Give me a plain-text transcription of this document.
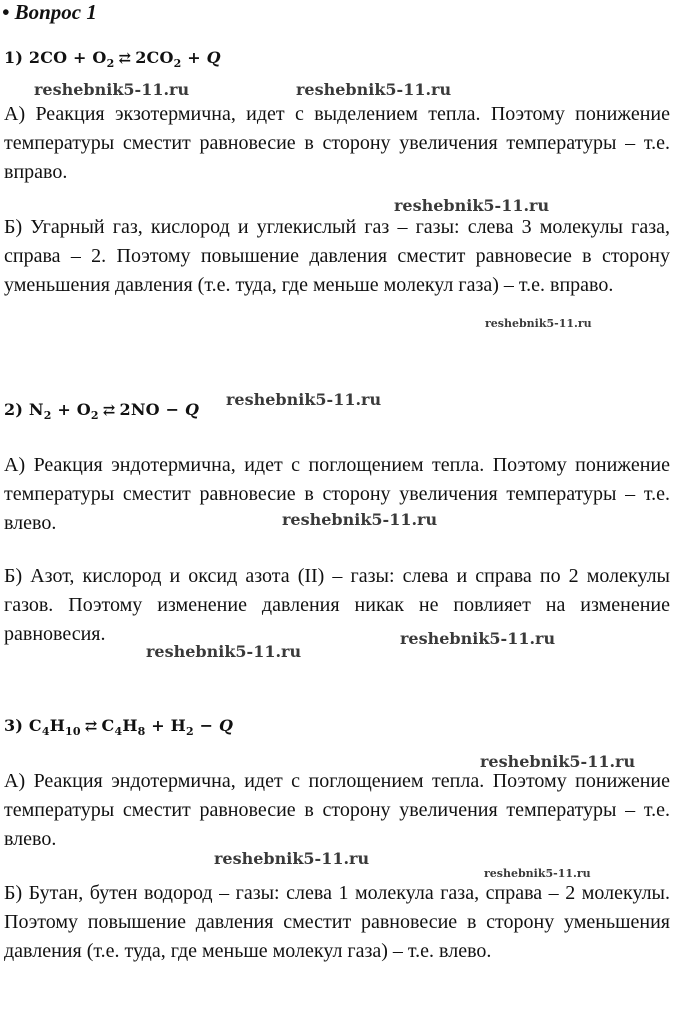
• Вопрос 1
1) $2CO + O_2$ ⇄ $2CO_2 + Q$
reshebnik5-11.ru	reshebnik5-11.ru
А) Реакция экзотермична, идет с выделением тепла. Поэтому понижение температуры сместит равновесие в сторону увеличения температуры – т.е. вправо.
reshebnik5-11.ru
Б) Угарный газ, кислород и углекислый газ – газы: слева 3 молекулы газа, справа – 2. Поэтому повышение давления сместит равновесие в сторону уменьшения давления (т.е. туда, где меньше молекул газа) – т.е. вправо.
reshebnik5-11.ru
2) $N_2 + O_2$ ⇄ 2NO − Q
reshebnik5-11.ru
А) Реакция эндотермична, идет с поглощением тепла. Поэтому понижение температуры сместит равновесие в сторону увеличения температуры – т.е. влево.	reshebnik5-11.ru
Б) Азот, кислород и оксид азота (II) – газы: слева и справа по 2 молекулы газов. Поэтому изменение давления никак не повлияет на изменение равновесия.	reshebnik5-11.ru
reshebnik5-11.ru
3) $C_4H_{10}$ ⇄ $C_4H_8 + H_2 - Q$
reshebnik5-11.ru
А) Реакция эндотермична, идет с поглощением тепла. Поэтому понижение температуры сместит равновесие в сторону увеличения температуры – т.е. влево.
reshebnik5-11.ru
reshebnik5-11.ru
Б) Бутан, бутен водород – газы: слева 1 молекула газа, справа – 2 молекулы. Поэтому повышение давления сместит равновесие в сторону уменьшения давления (т.е. туда, где меньше молекул газа) – т.е. влево.
